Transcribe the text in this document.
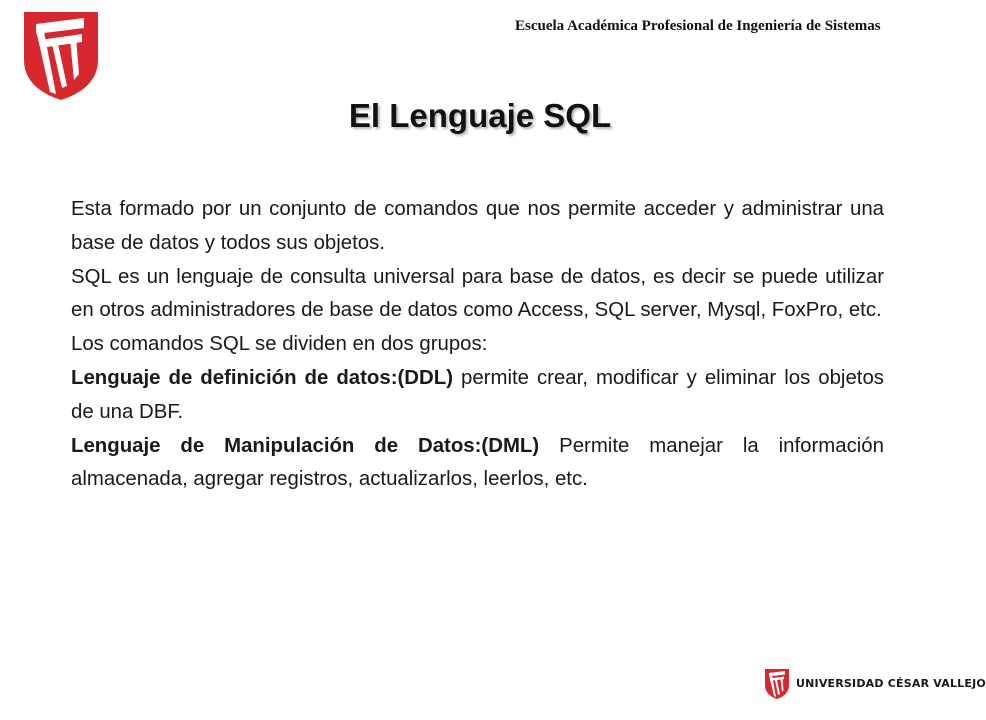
Escuela Académica Profesional de Ingeniería de Sistemas
El Lenguaje SQL

Esta formado por un conjunto de comandos que nos permite acceder y administrar una base de datos y todos sus objetos.

SQL es un lenguaje de consulta universal para base de datos, es decir se puede utilizar en otros administradores de base de datos como Access, SQL server, Mysql, FoxPro, etc.

Los comandos SQL se dividen en dos grupos:

Lenguaje de definición de datos:(DDL) permite crear, modificar y eliminar los objetos de una DBF.

Lenguaje de Manipulación de Datos:(DML) Permite manejar la información almacenada, agregar registros, actualizarlos, leerlos, etc.

UNIVERSIDAD CÉSAR VALLEJO
